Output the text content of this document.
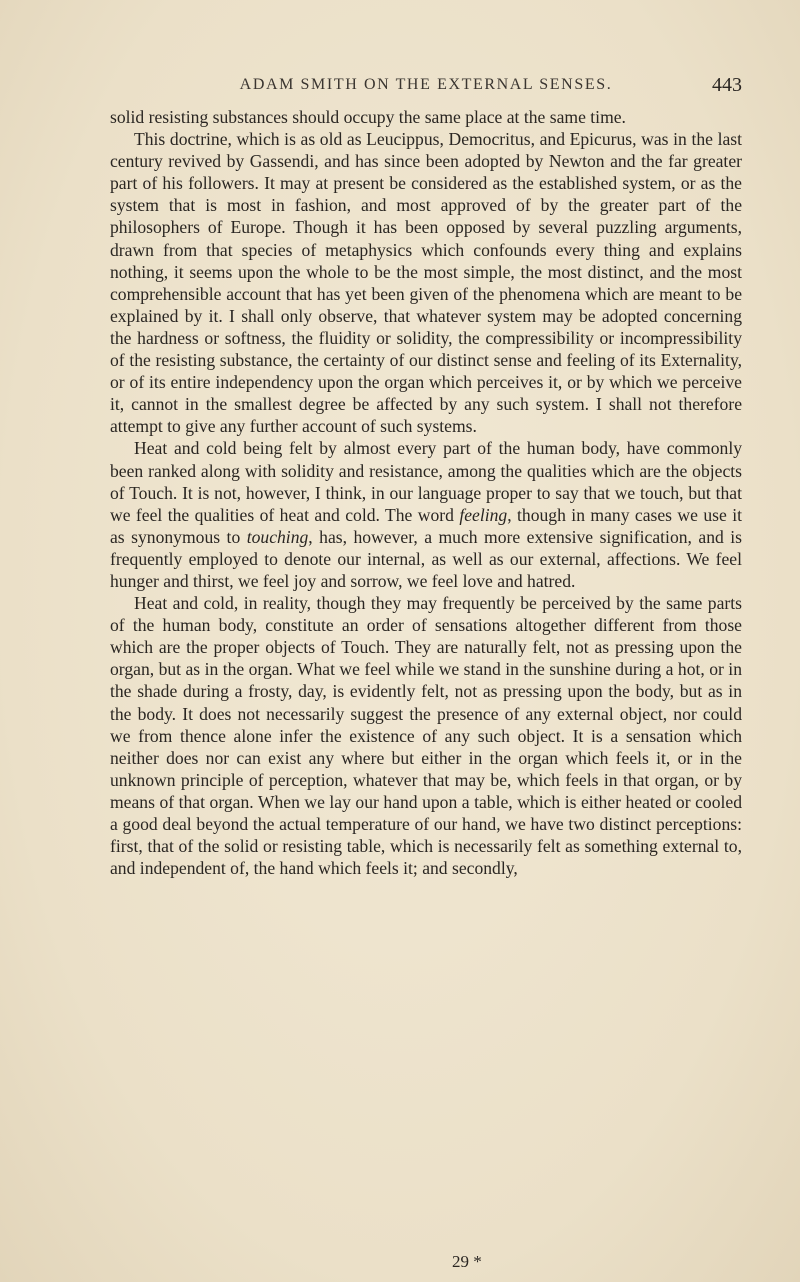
ADAM SMITH ON THE EXTERNAL SENSES.	443

solid resisting substances should occupy the same place at the same time.

This doctrine, which is as old as Leucippus, Democritus, and Epicurus, was in the last century revived by Gassendi, and has since been adopted by Newton and the far greater part of his followers. It may at present be considered as the established system, or as the system that is most in fashion, and most approved of by the greater part of the philosophers of Europe. Though it has been opposed by several puzzling arguments, drawn from that species of metaphysics which confounds every thing and explains nothing, it seems upon the whole to be the most simple, the most distinct, and the most comprehensible account that has yet been given of the phenomena which are meant to be explained by it. I shall only observe, that whatever system may be adopted concerning the hardness or softness, the fluidity or solidity, the compressibility or incompressibility of the resisting substance, the certainty of our distinct sense and feeling of its Externality, or of its entire independency upon the organ which perceives it, or by which we perceive it, cannot in the smallest degree be affected by any such system. I shall not therefore attempt to give any further account of such systems.

Heat and cold being felt by almost every part of the human body, have commonly been ranked along with solidity and resistance, among the qualities which are the objects of Touch. It is not, however, I think, in our language proper to say that we touch, but that we feel the qualities of heat and cold. The word feeling, though in many cases we use it as synonymous to touching, has, however, a much more extensive signification, and is frequently employed to denote our internal, as well as our external, affections. We feel hunger and thirst, we feel joy and sorrow, we feel love and hatred.

Heat and cold, in reality, though they may frequently be perceived by the same parts of the human body, constitute an order of sensations altogether different from those which are the proper objects of Touch. They are naturally felt, not as pressing upon the organ, but as in the organ. What we feel while we stand in the sunshine during a hot, or in the shade during a frosty, day, is evidently felt, not as pressing upon the body, but as in the body. It does not necessarily suggest the presence of any external object, nor could we from thence alone infer the existence of any such object. It is a sensation which neither does nor can exist any where but either in the organ which feels it, or in the unknown principle of perception, whatever that may be, which feels in that organ, or by means of that organ. When we lay our hand upon a table, which is either heated or cooled a good deal beyond the actual temperature of our hand, we have two distinct perceptions: first, that of the solid or resisting table, which is necessarily felt as something external to, and independent of, the hand which feels it; and secondly,

29 *
